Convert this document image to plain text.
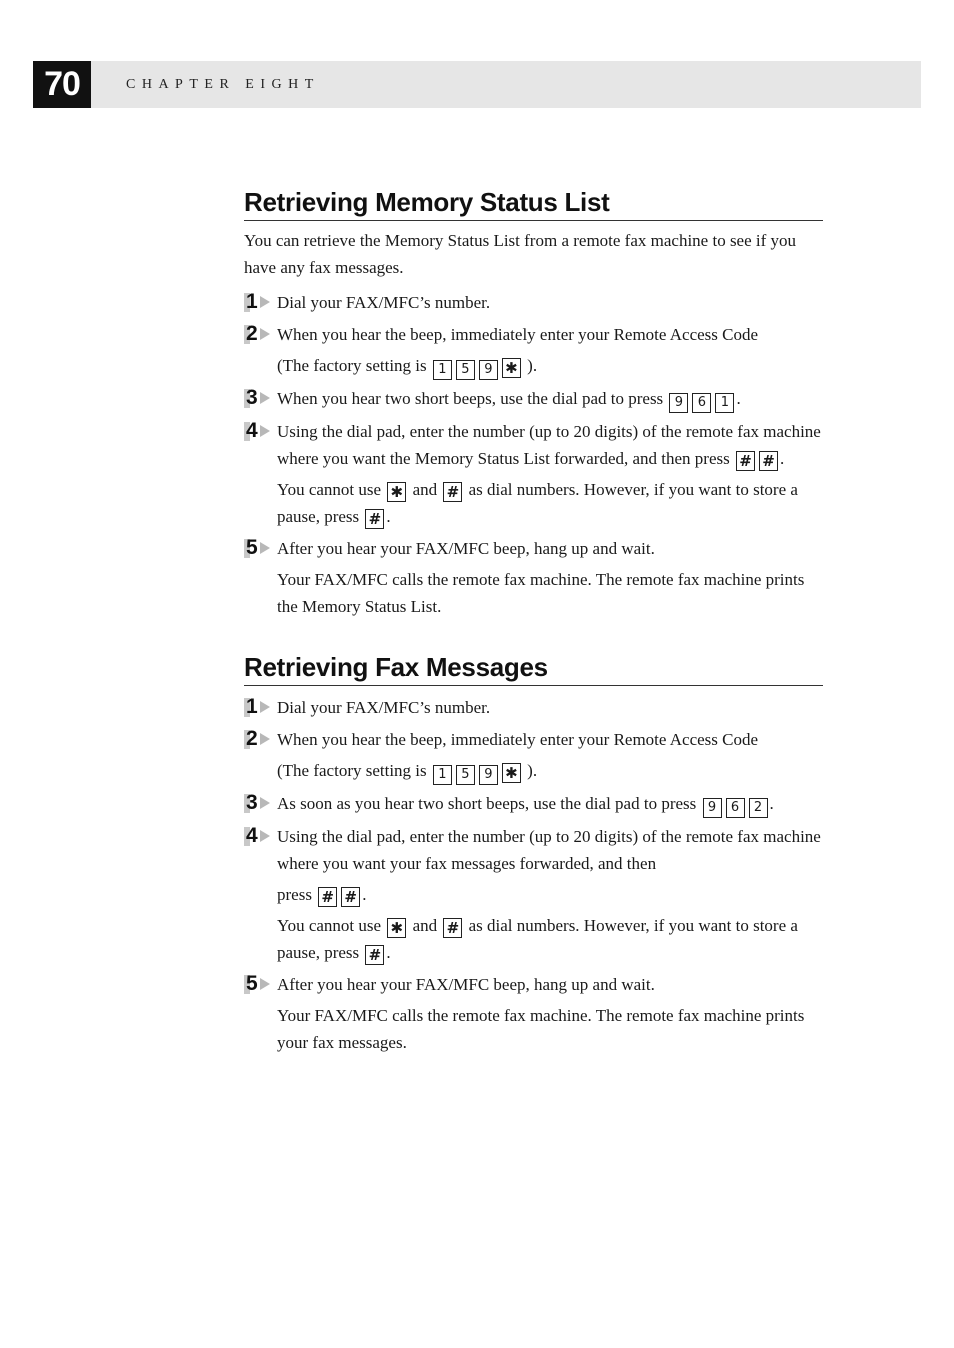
70	CHAPTER EIGHT
Retrieving Memory Status List

You can retrieve the Memory Status List from a remote fax machine to see if you have any fax messages.

1 Dial your FAX/MFC’s number.
2 When you hear the beep, immediately enter your Remote Access Code

(The factory setting is 1 5 9 ✱ ).

3 When you hear two short beeps, use the dial pad to press 9 6 1 .
4 Using the dial pad, enter the number (up to 20 digits) of the remote fax machine where you want the Memory Status List forwarded, and then press # # .

You cannot use ✱ and # as dial numbers. However, if you want to store a pause, press # .

5 After you hear your FAX/MFC beep, hang up and wait.

Your FAX/MFC calls the remote fax machine. The remote fax machine prints the Memory Status List.

Retrieving Fax Messages
1 Dial your FAX/MFC’s number.
2 When you hear the beep, immediately enter your Remote Access Code

(The factory setting is 1 5 9 ✱ ).

3 As soon as you hear two short beeps, use the dial pad to press 9 6 2 .
4 Using the dial pad, enter the number (up to 20 digits) of the remote fax machine where you want your fax messages forwarded, and then

press # # .

You cannot use ✱ and # as dial numbers. However, if you want to store a pause, press # .

5 After you hear your FAX/MFC beep, hang up and wait.

Your FAX/MFC calls the remote fax machine. The remote fax machine prints your fax messages.
